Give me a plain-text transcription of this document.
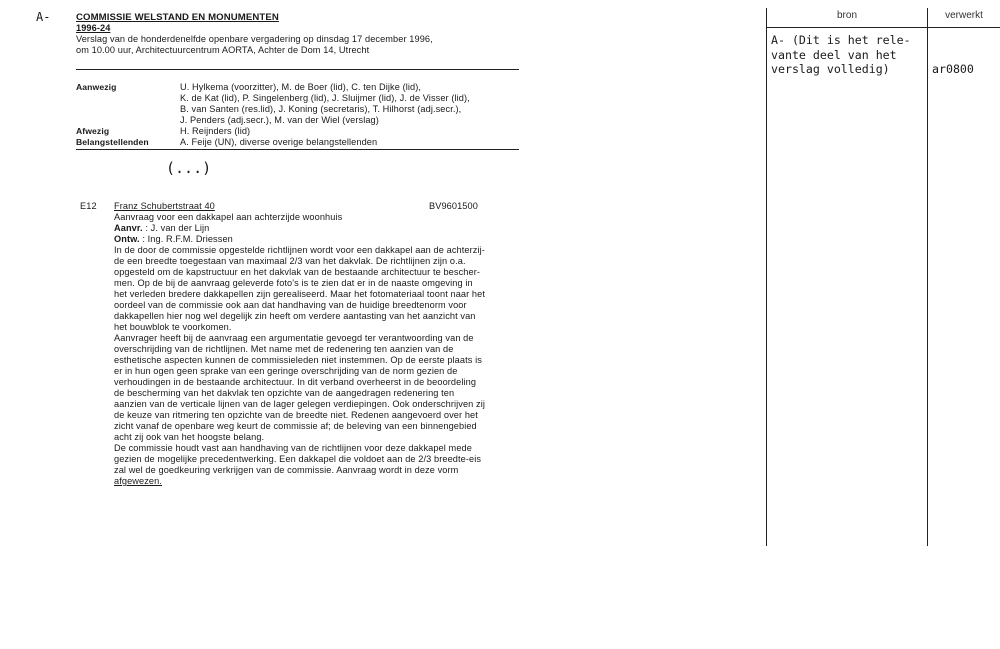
A-	COMMISSIE WELSTAND EN MONUMENTEN
1996-24
Verslag van de honderdenelfde openbare vergadering op dinsdag 17 december 1996,
om 10.00 uur, Architectuurcentrum AORTA, Achter de Dom 14, Utrecht
Aanwezig	U. Hylkema (voorzitter), M. de Boer (lid), C. ten Dijke (lid),
K. de Kat (lid), P. Singelenberg (lid), J. Sluijmer (lid), J. de Visser (lid),
B. van Santen (res.lid), J. Koning (secretaris), T. Hilhorst (adj.secr.),
J. Penders (adj.secr.), M. van der Wiel (verslag)
Afwezig	H. Reijnders (lid)
Belangstellenden	A. Feije (UN), diverse overige belangstellenden
(...)
E12 Franz Schubertstraat 40	BV9601500
Aanvraag voor een dakkapel aan achterzijde woonhuis
Aanvr. : J. van der Lijn
Ontw. : Ing. R.F.M. Driessen
In de door de commissie opgestelde richtlijnen wordt voor een dakkapel aan de achterzij-
de een breedte toegestaan van maximaal 2/3 van het dakvlak. De richtlijnen zijn o.a.
opgesteld om de kapstructuur en het dakvlak van de bestaande architectuur te bescher-
men. Op de bij de aanvraag geleverde foto's is te zien dat er in de naaste omgeving in
het verleden bredere dakkapellen zijn gerealiseerd. Maar het fotomateriaal toont naar het
oordeel van de commissie ook aan dat handhaving van de huidige breedtenorm voor
dakkapellen hier nog wel degelijk zin heeft om verdere aantasting van het aanzicht van
het bouwblok te voorkomen.
Aanvrager heeft bij de aanvraag een argumentatie gevoegd ter verantwoording van de
overschrijding van de richtlijnen. Met name met de redenering ten aanzien van de
esthetische aspecten kunnen de commissieleden niet instemmen. Op de eerste plaats is
er in hun ogen geen sprake van een geringe overschrijding van de norm gezien de
verhoudingen in de bestaande architectuur. In dit verband overheerst in de beoordeling
de bescherming van het dakvlak ten opzichte van de aangedragen redenering ten
aanzien van de verticale lijnen van de lager gelegen verdiepingen. Ook onderschrijven zij
de keuze van ritmering ten opzichte van de breedte niet. Redenen aangevoerd over het
zicht vanaf de openbare weg keurt de commissie af; de beleving van een binnengebied
acht zij ook van het hoogste belang.
De commissie houdt vast aan handhaving van de richtlijnen voor deze dakkapel mede
gezien de mogelijke precedentwerking. Een dakkapel die voldoet aan de 2/3 breedte-eis
zal wel de goedkeuring verkrijgen van de commissie. Aanvraag wordt in deze vorm
afgewezen.
bron	verwerkt
A- (Dit is het rele-
vante deel van het
verslag volledig)	ar0800
